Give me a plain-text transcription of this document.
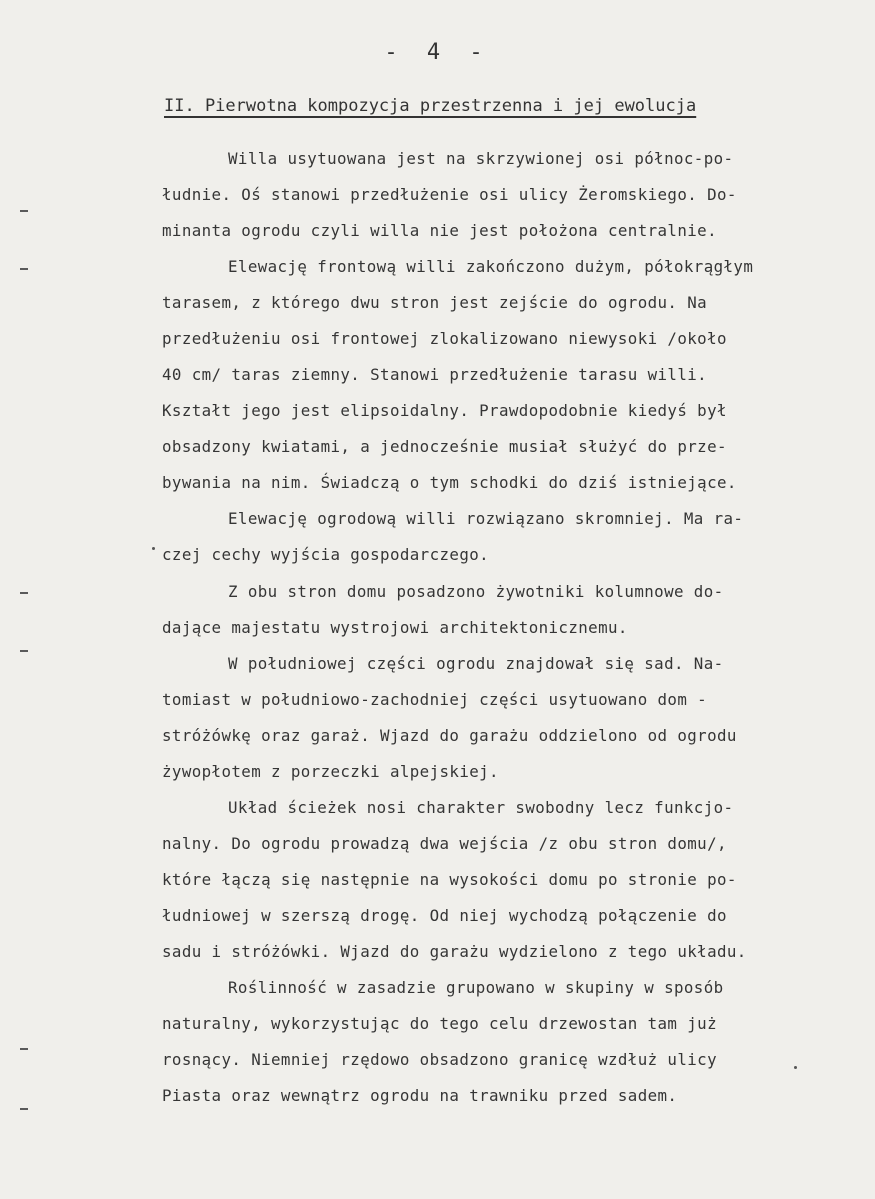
- 4 -
II. Pierwotna kompozycja przestrzenna i jej ewolucja
Willa usytuowana jest na skrzywionej osi północ-po-
łudnie. Oś stanowi przedłużenie osi ulicy Żeromskiego. Do-
minanta ogrodu czyli willa nie jest położona centralnie.
Elewację frontową willi zakończono dużym, półokrągłym
tarasem, z którego dwu stron jest zejście do ogrodu. Na
przedłużeniu osi frontowej zlokalizowano niewysoki /około
40 cm/ taras ziemny. Stanowi przedłużenie tarasu willi.
Kształt jego jest elipsoidalny. Prawdopodobnie kiedyś był
obsadzony kwiatami, a jednocześnie musiał służyć do prze-
bywania na nim. Świadczą o tym schodki do dziś istniejące.
Elewację ogrodową willi rozwiązano skromniej. Ma ra-
czej cechy wyjścia gospodarczego.
Z obu stron domu posadzono żywotniki kolumnowe do-
dające majestatu wystrojowi architektonicznemu.
W południowej części ogrodu znajdował się sad. Na-
tomiast w południowo-zachodniej części usytuowano dom -
stróżówkę oraz garaż. Wjazd do garażu oddzielono od ogrodu
żywopłotem z porzeczki alpejskiej.
Układ ścieżek nosi charakter swobodny lecz funkcjo-
nalny. Do ogrodu prowadzą dwa wejścia /z obu stron domu/,
które łączą się następnie na wysokości domu po stronie po-
łudniowej w szerszą drogę. Od niej wychodzą połączenie do
sadu i stróżówki. Wjazd do garażu wydzielono z tego układu.
Roślinność w zasadzie grupowano w skupiny w sposób
naturalny, wykorzystując do tego celu drzewostan tam już
rosnący. Niemniej rzędowo obsadzono granicę wzdłuż ulicy
Piasta oraz wewnątrz ogrodu na trawniku przed sadem.
